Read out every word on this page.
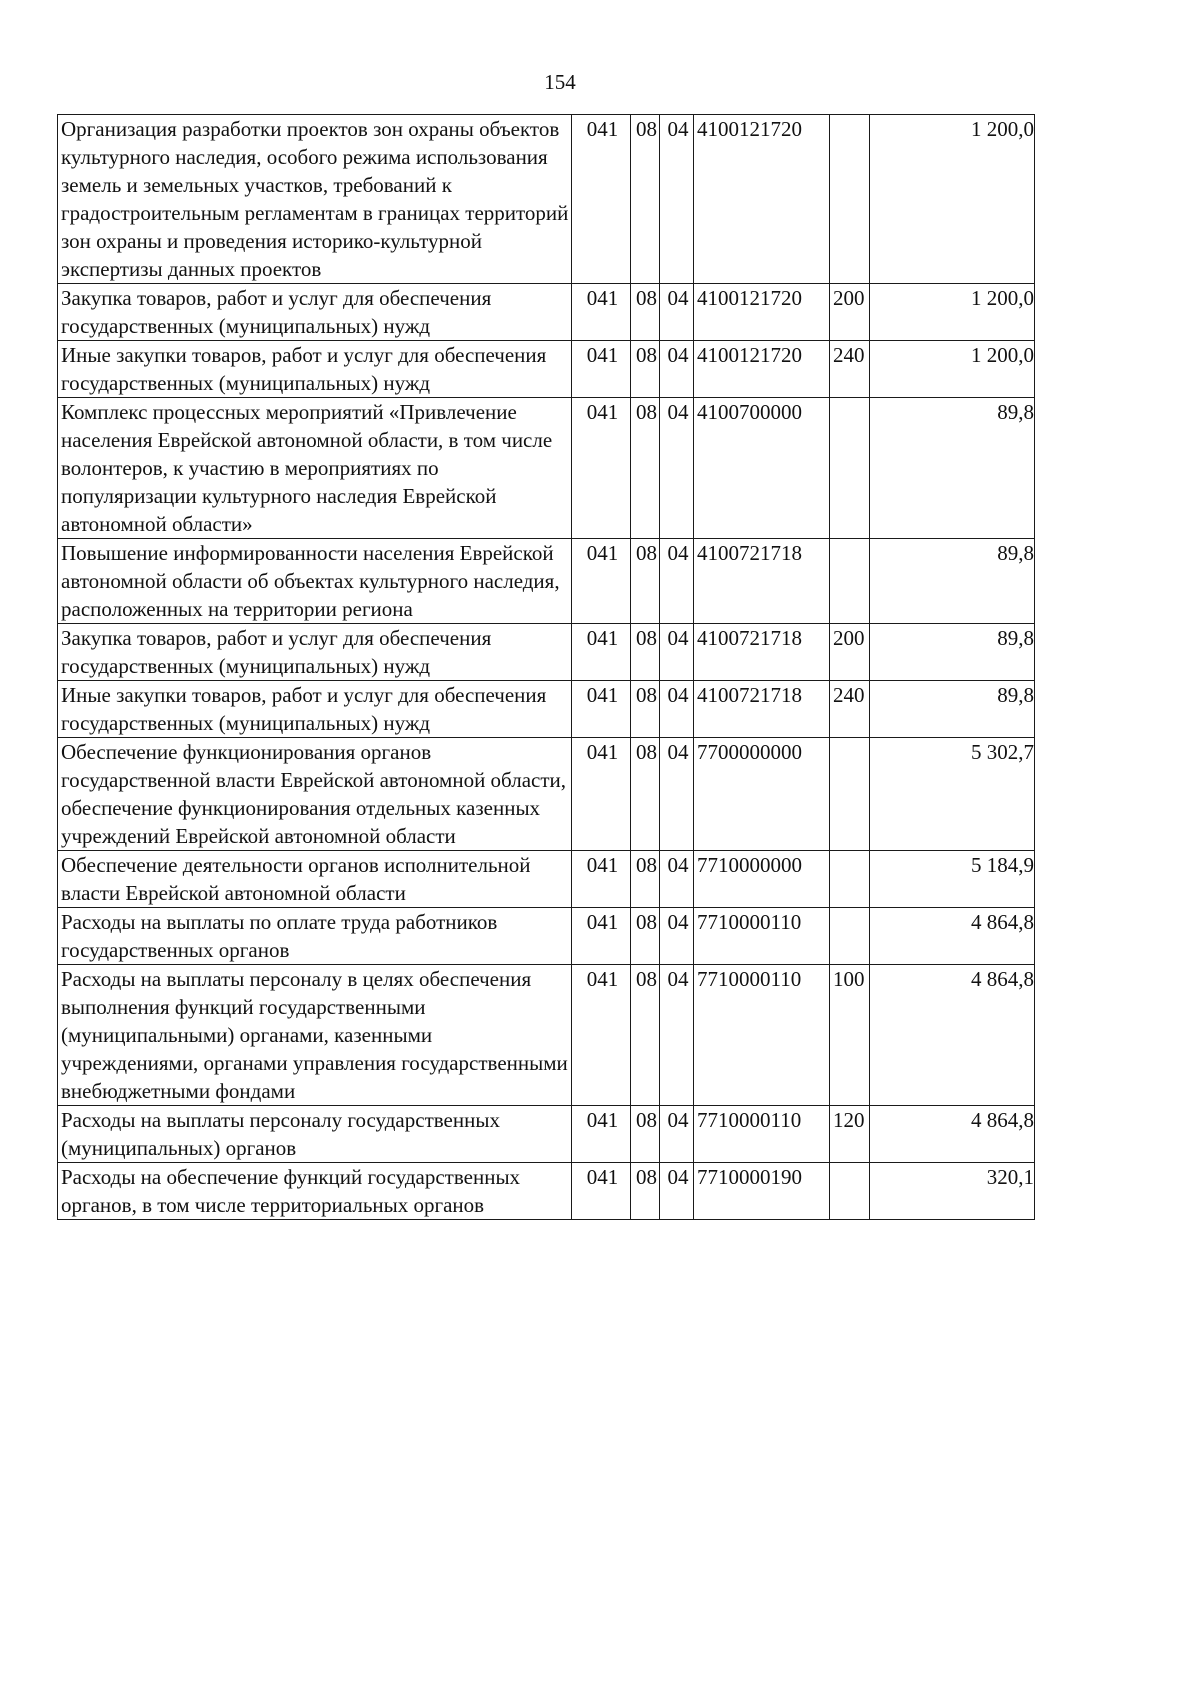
154
Организация разработки проектов зон охраны объектов культурного наследия, особого режима использования земель и земельных участков, требований к градостроительным регламентам в границах территорий зон охраны и проведения историко-культурной экспертизы данных проектов	041	08	04	4100121720		1 200,0
Закупка товаров, работ и услуг для обеспечения государственных (муниципальных) нужд	041	08	04	4100121720	200	1 200,0
Иные закупки товаров, работ и услуг для обеспечения государственных (муниципальных) нужд	041	08	04	4100121720	240	1 200,0
Комплекс процессных мероприятий «Привлечение населения Еврейской автономной области, в том числе волонтеров, к участию в мероприятиях по популяризации культурного наследия Еврейской автономной области»	041	08	04	4100700000		89,8
Повышение информированности населения Еврейской автономной области об объектах культурного наследия, расположенных на территории региона	041	08	04	4100721718		89,8
Закупка товаров, работ и услуг для обеспечения государственных (муниципальных) нужд	041	08	04	4100721718	200	89,8
Иные закупки товаров, работ и услуг для обеспечения государственных (муниципальных) нужд	041	08	04	4100721718	240	89,8
Обеспечение функционирования органов государственной власти Еврейской автономной области, обеспечение функционирования отдельных казенных учреждений Еврейской автономной области	041	08	04	7700000000		5 302,7
Обеспечение деятельности органов исполнительной власти Еврейской автономной области	041	08	04	7710000000		5 184,9
Расходы на выплаты по оплате труда работников государственных органов	041	08	04	7710000110		4 864,8
Расходы на выплаты персоналу в целях обеспечения выполнения функций государственными (муниципальными) органами, казенными учреждениями, органами управления государственными внебюджетными фондами	041	08	04	7710000110	100	4 864,8
Расходы на выплаты персоналу государственных (муниципальных) органов	041	08	04	7710000110	120	4 864,8
Расходы на обеспечение функций государственных органов, в том числе территориальных органов	041	08	04	7710000190		320,1
